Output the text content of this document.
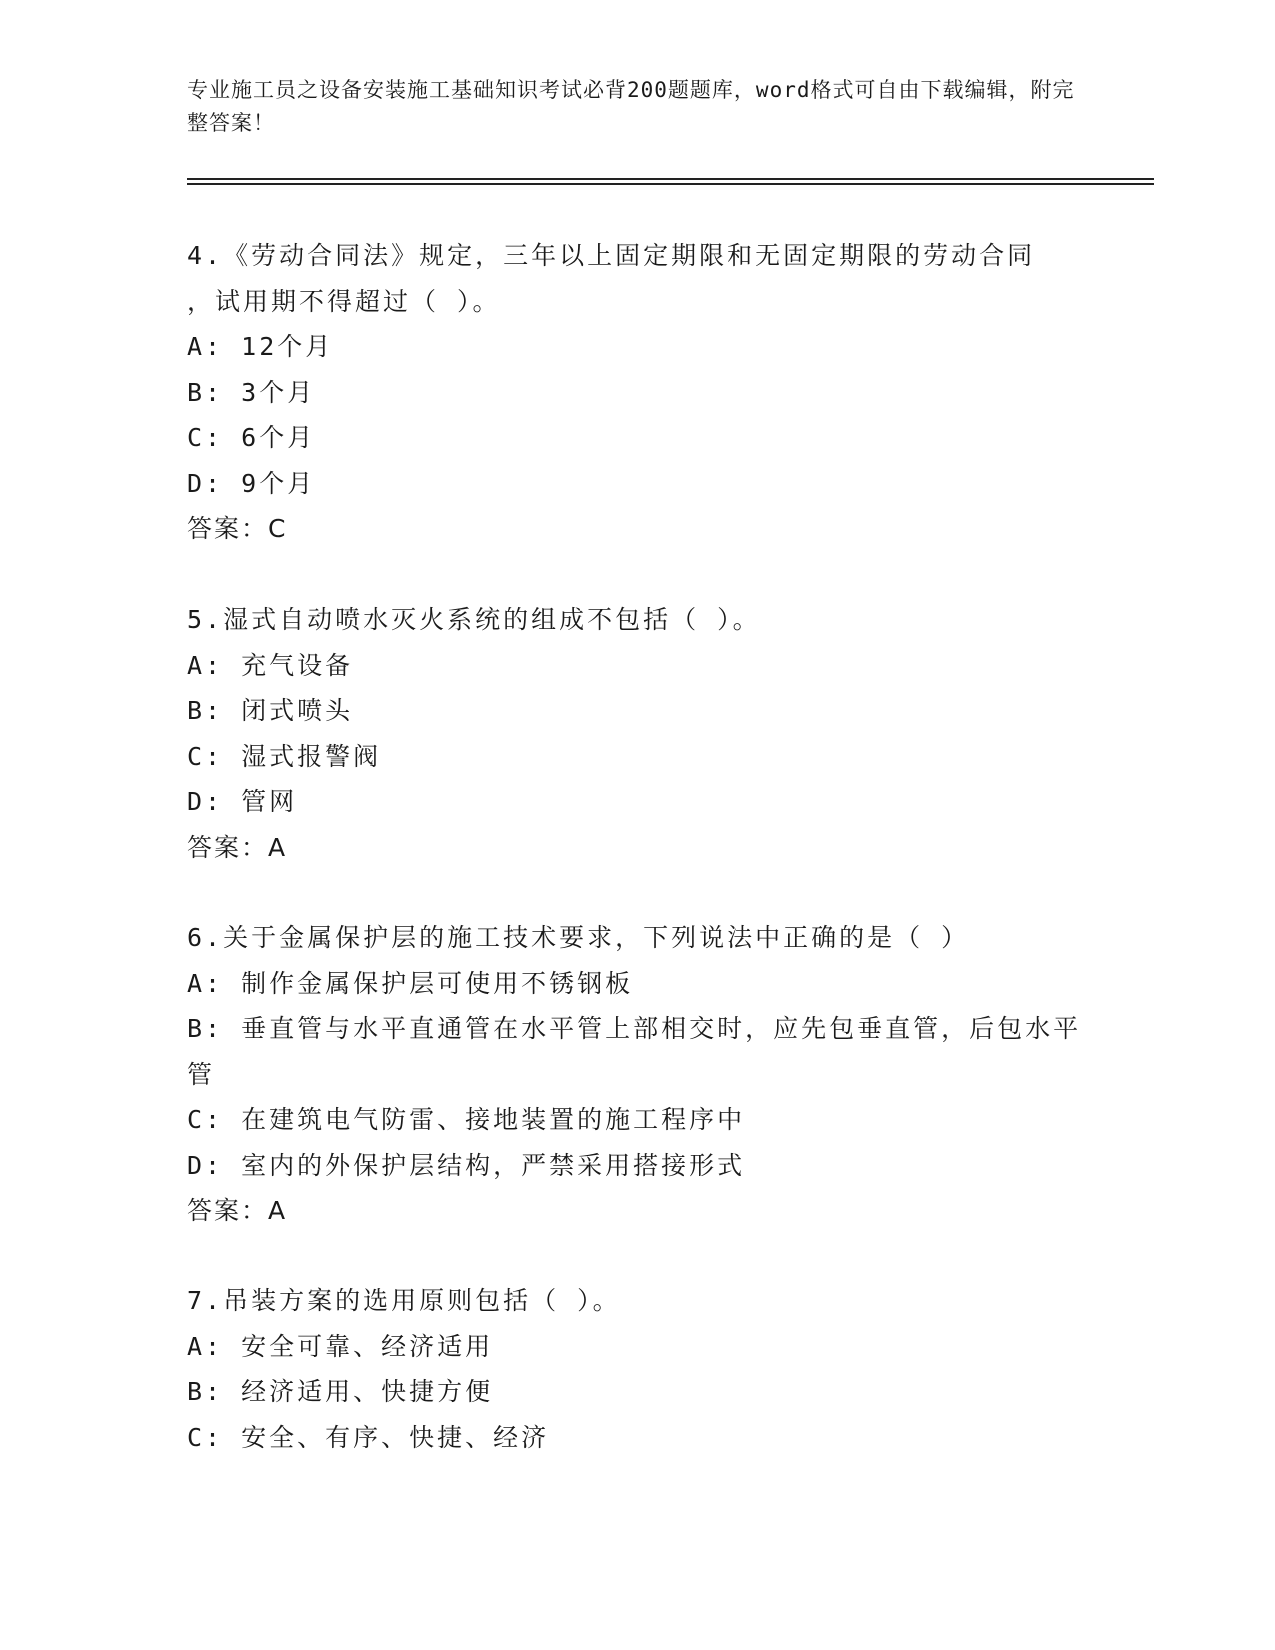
专业施工员之设备安装施工基础知识考试必背200题题库，word格式可自由下载编辑，附完整答案！
4.《劳动合同法》规定，三年以上固定期限和无固定期限的劳动合同
，试用期不得超过（ ）。
A: 12个月
B: 3个月
C: 6个月
D: 9个月
答案：C
5.湿式自动喷水灭火系统的组成不包括（ ）。
A: 充气设备
B: 闭式喷头
C: 湿式报警阀
D: 管网
答案：A
6.关于金属保护层的施工技术要求，下列说法中正确的是（ ）
A: 制作金属保护层可使用不锈钢板
B: 垂直管与水平直通管在水平管上部相交时，应先包垂直管，后包水平管
C: 在建筑电气防雷、接地装置的施工程序中
D: 室内的外保护层结构，严禁采用搭接形式
答案：A
7.吊装方案的选用原则包括（ ）。
A: 安全可靠、经济适用
B: 经济适用、快捷方便
C: 安全、有序、快捷、经济
